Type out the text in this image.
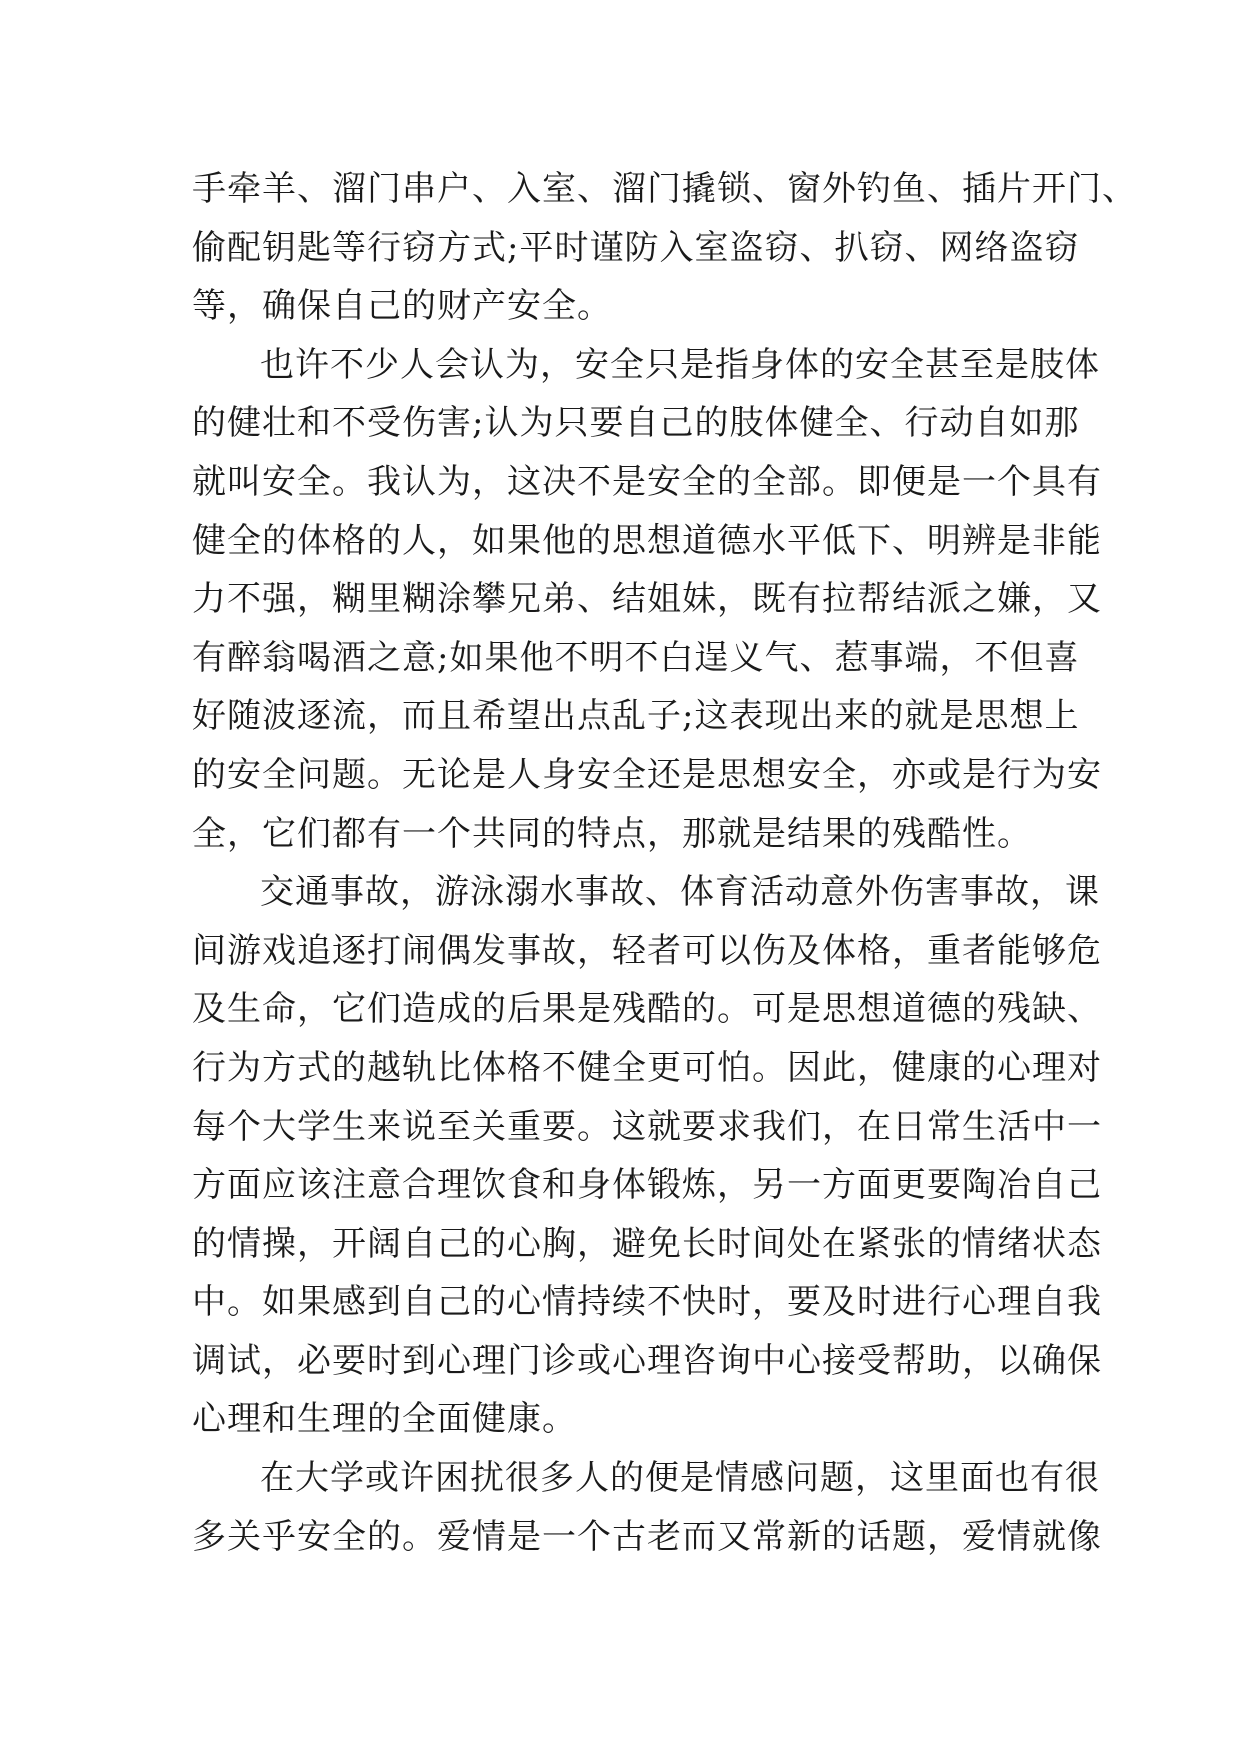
手牵羊、溜门串户、入室、溜门撬锁、窗外钓鱼、插片开门、
偷配钥匙等行窃方式;平时谨防入室盗窃、扒窃、网络盗窃
等，确保自己的财产安全。
也许不少人会认为，安全只是指身体的安全甚至是肢体
的健壮和不受伤害;认为只要自己的肢体健全、行动自如那
就叫安全。我认为，这决不是安全的全部。即便是一个具有
健全的体格的人，如果他的思想道德水平低下、明辨是非能
力不强，糊里糊涂攀兄弟、结姐妹，既有拉帮结派之嫌，又
有醉翁喝酒之意;如果他不明不白逞义气、惹事端，不但喜
好随波逐流，而且希望出点乱子;这表现出来的就是思想上
的安全问题。无论是人身安全还是思想安全，亦或是行为安
全，它们都有一个共同的特点，那就是结果的残酷性。
交通事故，游泳溺水事故、体育活动意外伤害事故，课
间游戏追逐打闹偶发事故，轻者可以伤及体格，重者能够危
及生命，它们造成的后果是残酷的。可是思想道德的残缺、
行为方式的越轨比体格不健全更可怕。因此，健康的心理对
每个大学生来说至关重要。这就要求我们，在日常生活中一
方面应该注意合理饮食和身体锻炼，另一方面更要陶冶自己
的情操，开阔自己的心胸，避免长时间处在紧张的情绪状态
中。如果感到自己的心情持续不快时，要及时进行心理自我
调试，必要时到心理门诊或心理咨询中心接受帮助，以确保
心理和生理的全面健康。
在大学或许困扰很多人的便是情感问题，这里面也有很
多关乎安全的。爱情是一个古老而又常新的话题，爱情就像
